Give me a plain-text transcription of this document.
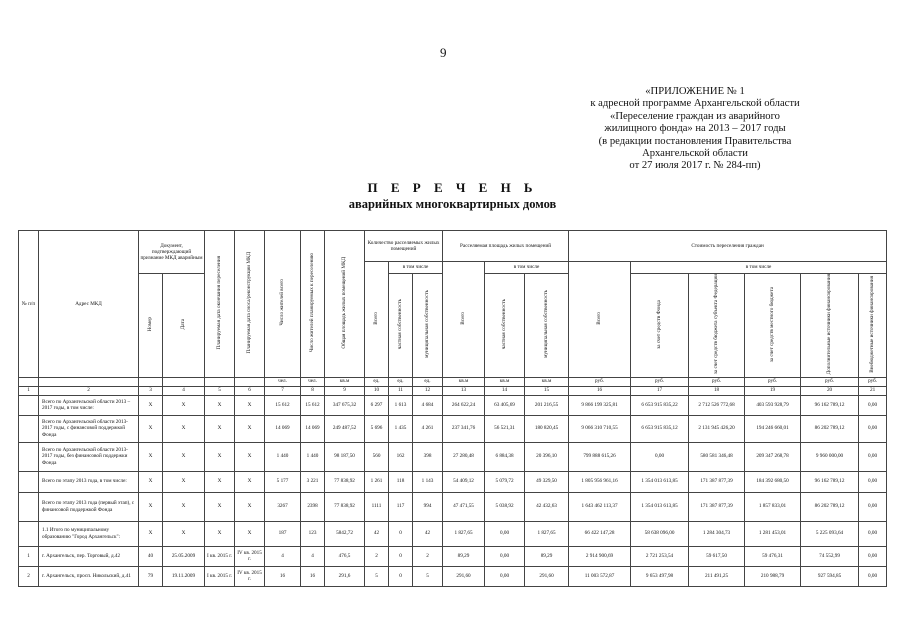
9
«ПРИЛОЖЕНИЕ № 1
к адресной программе Архангельской области
«Переселение граждан из аварийного
жилищного фонда» на 2013 – 2017 годы
(в редакции постановления Правительства
Архангельской области
от 27 июля 2017 г. № 284-пп)
П Е Р Е Ч Е Н Ь
аварийных многоквартирных домов
№ п/п	Адрес МКД	Документ, подтверждающий признание МКД аварийным		Планируемая дата окончания переселения	Планируемая дата сноса/реконструкции МКД	Число жителей всего	Число жителей планируемых к переселению	Общая площадь жилых помещений МКД	Количество расселяемых жилых помещений			Расселяемая площадь жилых помещений			Стоимость переселения граждан					
									Всего	в том числе		Всего	в том числе		Всего	в том числе				
		Номер	Дата							частная собственность	муниципальная собственность		частная собственность	муниципальная собственность		за счет средств Фонда	за счет средств бюджета субъекта Федерации	за счет средств местного бюджета	Дополнительные источники финансирования	Внебюджетные источники финансирования
						чел.	чел.	кв.м	ед.	ед.	ед.	кв.м	кв.м	кв.м	руб.	руб.	руб.	руб.	руб.	руб.
1	2	3	4	5	6	7	8	9	10	11	12	13	14	15	16	17	18	19	20	21
	Всего по Архангельской области 2013 – 2017 годы, в том числе:	X	X	X	X	15 612	15 612	347 675,32	6 297	1 613	4 684	264 622,24	63 405,69	201 216,55	9 866 199 325,81	6 653 915 835,22	2 712 526 772,68	403 593 928,79	96 162 789,12	0,00
	Всего по Архангельской области 2013-2017 годы, с финансовой поддержкой Фонда	X	X	X	X	14 069	14 069	249 487,52	5 696	1 435	4 261	237 341,76	56 521,31	180 820,45	9 066 310 710,55	6 653 915 835,12	2 131 945 426,20	194 246 660,01	86 202 789,12	0,00
	Всего по Архангельской области 2013-2017 годы, без финансовой поддержки Фонда	X	X	X	X	1 440	1 440	98 187,50	560	162	398	27 280,48	6 884,38	20 396,10	799 888 615,26	0,00	580 581 346,48	209 347 268,78	9 960 000,00	0,00
	Всего по этапу 2013 года, в том числе:	X	X	X	X	5 177	3 221	77 838,92	1 261	118	1 143	54 409,12	5 079,72	49 329,50	1 805 956 961,16	1 354 013 613,85	171 387 877,39	184 392 680,50	96 162 789,12	0,00
	Всего по этапу 2013 года (первый этап), с финансовой поддержкой Фонда	X	X	X	X	3267	2398	77 838,92	1111	117	994	47 471,55	5 038,92	42 432,63	1 643 462 113,37	1 354 013 613,85	171 387 877,39	1 857 833,01	86 202 789,12	0,00
	1.1 Итого по муниципальному образованию "Город Архангельск":	X	X	X	X	187	123	5842,72	42	0	42	1 827,65	0,00	1 827,65	66 422 147,28	58 638 096,00	1 284 304,73	1 281 453,01	5 225 093,64	0,00
1	г. Архангельск, пер. Торговый, д.42	40	25.05.2009	I кв. 2015 г.	IV кв. 2015 г.	4	4	476,5	2	0	2	89,29	0,00	89,29	2 914 900,69	2 721 253,54	59 617,50	59 476,31	74 552,99	0,00
2	г. Архангельск, просп. Никольский, д.41	79	19.11.2009	I кв. 2015 г.	IV кв. 2015 г.	16	16	291,6	5	0	5	291,60	0,00	291,60	11 003 572,87	9 653 497,98	211 491,25	210 988,79	927 594,85	0,00
